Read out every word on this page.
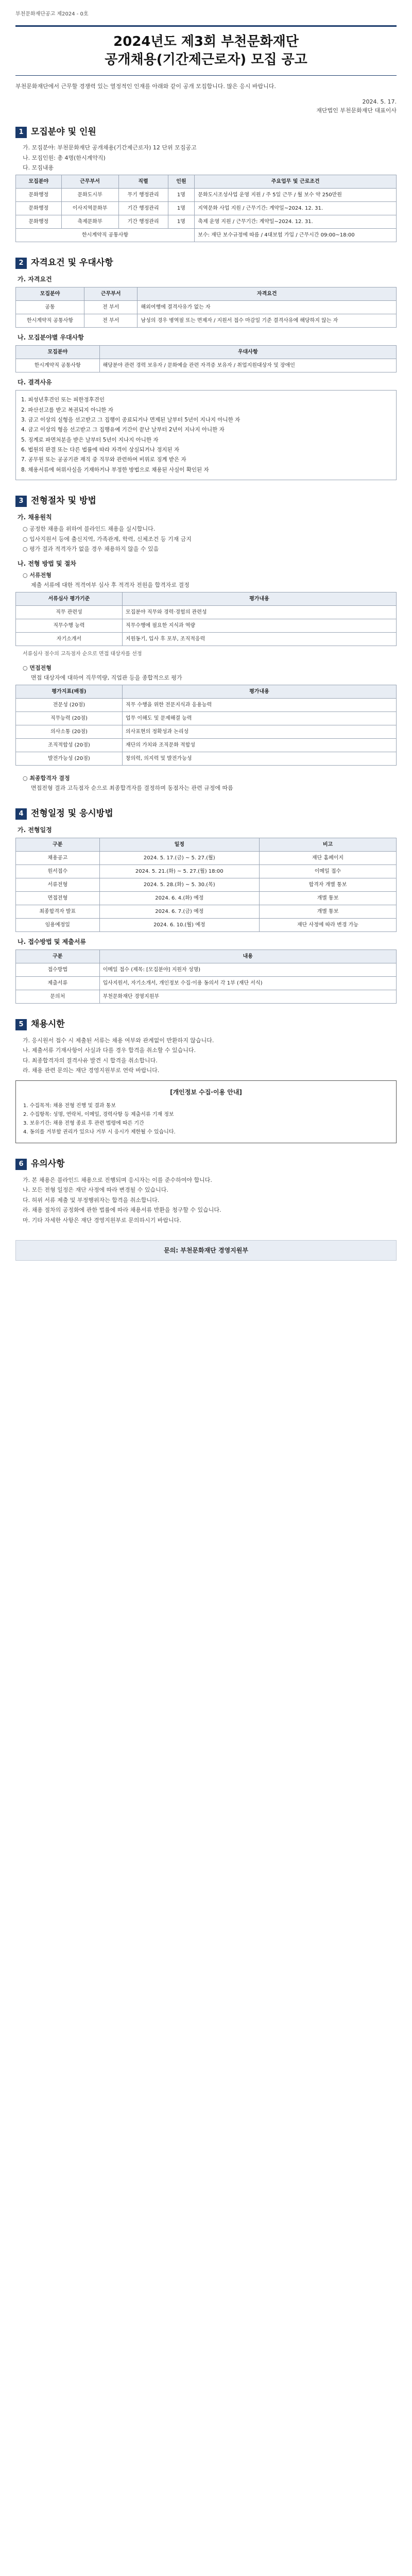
부천문화재단공고 제2024 - 0호
2024년도 제3회 부천문화재단
공개채용(기간제근로자) 모집 공고

부천문화재단에서 근무할 경쟁력 있는 열정적인 인재를 아래와 같이 공개 모집합니다. 많은 응시 바랍니다.

2024. 5. 17.
재단법인 부천문화재단 대표이사
1 모집분야 및 인원
가. 모집분야: 부천문화재단 공개채용(기간제근로자) 12 단위 모집공고
나. 모집인원: 총 4명(한시계약직)
다. 모집내용
모집분야	근무부서	직렬	인원	주요업무 및 근로조건
문화행정	문화도시부	무기 행정관리	1명	문화도시조성사업 운영 지원 / 주 5일 근무 / 월 보수 약 250만원
문화행정	이사지역문화부	기간 행정관리	1명	지역문화 사업 지원 / 근무기간: 계약일~2024. 12. 31.
문화행정	축제문화부	기간 행정관리	1명	축제 운영 지원 / 근무기간: 계약일~2024. 12. 31.
한시계약직 공통사항				보수: 재단 보수규정에 따름 / 4대보험 가입 / 근무시간 09:00~18:00
2 자격요건 및 우대사항
가. 자격요건
모집분야	근무부서	자격요건
공통	전 부서	해외여행에 결격사유가 없는 자
한시계약직 공통사항	전 부서	남성의 경우 병역필 또는 면제자 / 지원서 접수 마감일 기준 결격사유에 해당하지 않는 자
나. 모집분야별 우대사항
모집분야	우대사항
한시계약직 공통사항	해당분야 관련 경력 보유자 / 문화예술 관련 자격증 보유자 / 취업지원대상자 및 장애인
다. 결격사유

1. 피성년후견인 또는 피한정후견인

2. 파산선고를 받고 복권되지 아니한 자

3. 금고 이상의 실형을 선고받고 그 집행이 종료되거나 면제된 날부터 5년이 지나지 아니한 자

4. 금고 이상의 형을 선고받고 그 집행유예 기간이 끝난 날부터 2년이 지나지 아니한 자

5. 징계로 파면처분을 받은 날부터 5년이 지나지 아니한 자

6. 법원의 판결 또는 다른 법률에 따라 자격이 상실되거나 정지된 자

7. 공무원 또는 공공기관 재직 중 직무와 관련하여 비위로 징계 받은 자

8. 채용서류에 허위사실을 기재하거나 부정한 방법으로 채용된 사실이 확인된 자

3 전형절차 및 방법
가. 채용원칙
○ 공정한 채용을 위하여 블라인드 채용을 실시합니다.
○ 입사지원서 등에 출신지역, 가족관계, 학력, 신체조건 등 기재 금지
○ 평가 결과 적격자가 없을 경우 채용하지 않을 수 있음
나. 전형 방법 및 절차
○ 서류전형
제출 서류에 대한 적격여부 심사 후 적격자 전원을 합격자로 결정
서류심사 평가기준	평가내용
직무 관련성	모집분야 직무와 경력·경험의 관련성
직무수행 능력	직무수행에 필요한 지식과 역량
자기소개서	지원동기, 입사 후 포부, 조직적응력
서류심사 점수의 고득점자 순으로 면접 대상자를 선정
○ 면접전형
면접 대상자에 대하여 직무역량, 직업관 등을 종합적으로 평가
평가지표(배점)	평가내용
전문성 (20점)	직무 수행을 위한 전문지식과 응용능력
직무능력 (20점)	업무 이해도 및 문제해결 능력
의사소통 (20점)	의사표현의 정확성과 논리성
조직적합성 (20점)	재단의 가치와 조직문화 적합성
발전가능성 (20점)	창의력, 의지력 및 발전가능성
○ 최종합격자 결정
면접전형 결과 고득점자 순으로 최종합격자를 결정하며 동점자는 관련 규정에 따름
4 전형일정 및 응시방법
가. 전형일정
구분	일정	비고
채용공고	2024. 5. 17.(금) ~ 5. 27.(월)	재단 홈페이지
원서접수	2024. 5. 21.(화) ~ 5. 27.(월) 18:00	이메일 접수
서류전형	2024. 5. 28.(화) ~ 5. 30.(목)	합격자 개별 통보
면접전형	2024. 6. 4.(화) 예정	개별 통보
최종합격자 발표	2024. 6. 7.(금) 예정	개별 통보
임용예정일	2024. 6. 10.(월) 예정	재단 사정에 따라 변경 가능
나. 접수방법 및 제출서류
구분	내용
접수방법	이메일 접수 (제목: [모집분야] 지원자 성명)
제출서류	입사지원서, 자기소개서, 개인정보 수집·이용 동의서 각 1부 (재단 서식)
문의처	부천문화재단 경영지원부
5 채용시한
가. 응시원서 접수 시 제출된 서류는 채용 여부와 관계없이 반환하지 않습니다.
나. 제출서류 기재사항이 사실과 다를 경우 합격을 취소할 수 있습니다.
다. 최종합격자의 결격사유 발견 시 합격을 취소합니다.
라. 채용 관련 문의는 재단 경영지원부로 연락 바랍니다.
[개인정보 수집·이용 안내]

1. 수집목적: 채용 전형 진행 및 결과 통보

2. 수집항목: 성명, 연락처, 이메일, 경력사항 등 제출서류 기재 정보

3. 보유기간: 채용 전형 종료 후 관련 법령에 따른 기간

4. 동의를 거부할 권리가 있으나 거부 시 응시가 제한될 수 있습니다.

6 유의사항
가. 본 채용은 블라인드 채용으로 진행되며 응시자는 이를 준수하여야 합니다.
나. 모든 전형 일정은 재단 사정에 따라 변경될 수 있습니다.
다. 허위 서류 제출 및 부정행위자는 합격을 취소합니다.
라. 채용 절차의 공정화에 관한 법률에 따라 채용서류 반환을 청구할 수 있습니다.
마. 기타 자세한 사항은 재단 경영지원부로 문의하시기 바랍니다.
문의: 부천문화재단 경영지원부
